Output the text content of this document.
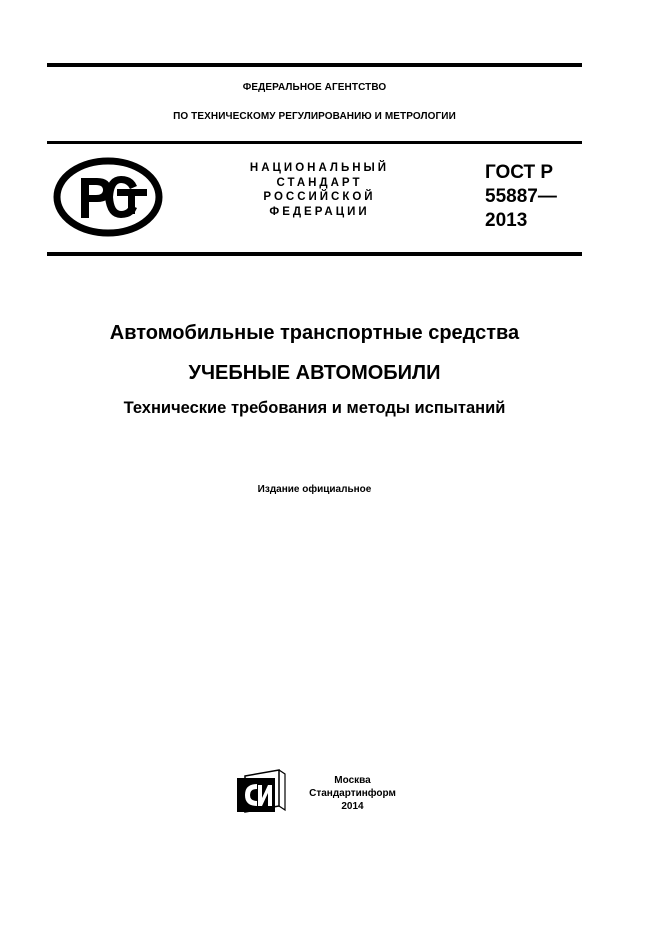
ФЕДЕРАЛЬНОЕ АГЕНТСТВО
ПО ТЕХНИЧЕСКОМУ РЕГУЛИРОВАНИЮ И МЕТРОЛОГИИ
НАЦИОНАЛЬНЫЙ
СТАНДАРТ
РОССИЙСКОЙ
ФЕДЕРАЦИИ
ГОСТ Р
55887—
2013
Автомобильные транспортные средства
УЧЕБНЫЕ АВТОМОБИЛИ
Технические требования и методы испытаний
Издание официальное
Москва
Стандартинформ
2014
